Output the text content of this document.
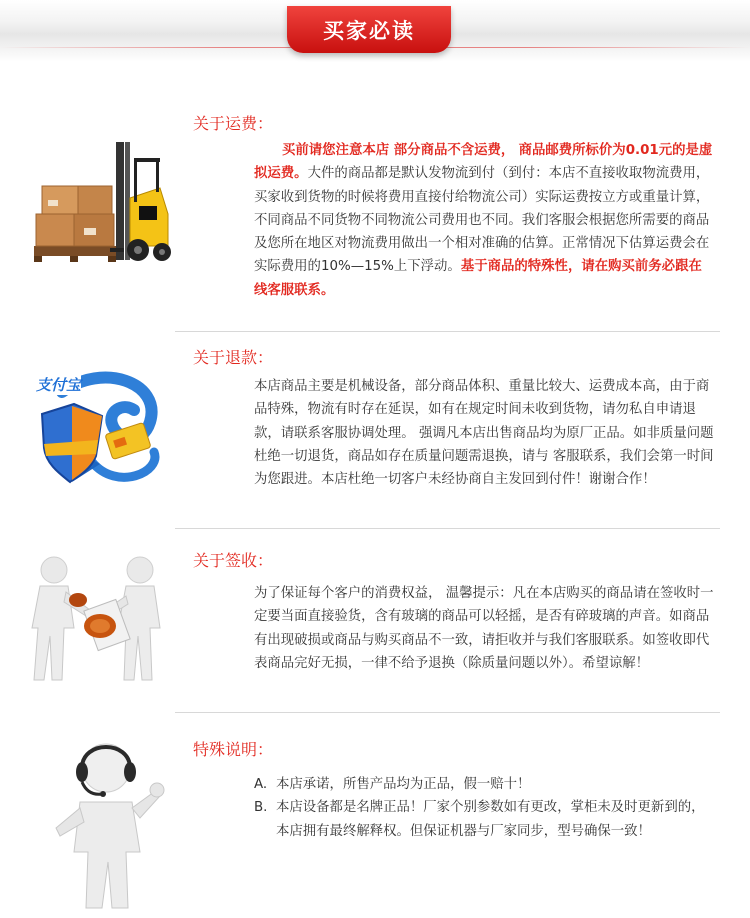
买家必读
关于运费：
买前请您注意本店 部分商品不含运费， 商品邮费所标价为0.01元的是虚拟运费。大件的商品都是默认发物流到付（到付：本店不直接收取物流费用，买家收到货物的时候将费用直接付给物流公司）实际运费按立方或重量计算，不同商品不同货物不同物流公司费用也不同。我们客服会根据您所需要的商品及您所在地区对物流费用做出一个相对准确的估算。正常情况下估算运费会在实际费用的10%—15%上下浮动。基于商品的特殊性，请在购买前务必跟在线客服联系。
支付宝
关于退款：
本店商品主要是机械设备，部分商品体积、重量比较大、运费成本高，由于商品特殊，物流有时存在延误，如有在规定时间未收到货物，请勿私自申请退款，请联系客服协调处理。 强调凡本店出售商品均为原厂正品。如非质量问题杜绝一切退货，商品如存在质量问题需退换，请与 客服联系，我们会第一时间为您跟进。本店杜绝一切客户未经协商自主发回到付件！谢谢合作！
关于签收：
为了保证每个客户的消费权益， 温馨提示：凡在本店购买的商品请在签收时一定要当面直接验货，含有玻璃的商品可以轻摇，是否有碎玻璃的声音。如商品有出现破损或商品与购买商品不一致，请拒收并与我们客服联系。如签收即代表商品完好无损，一律不给予退换（除质量问题以外）。希望谅解！
特殊说明：
A. 本店承诺，所售产品均为正品，假一赔十！
B. 本店设备都是名牌正品！厂家个别参数如有更改，掌柜未及时更新到的，本店拥有最终解释权。但保证机器与厂家同步，型号确保一致！
